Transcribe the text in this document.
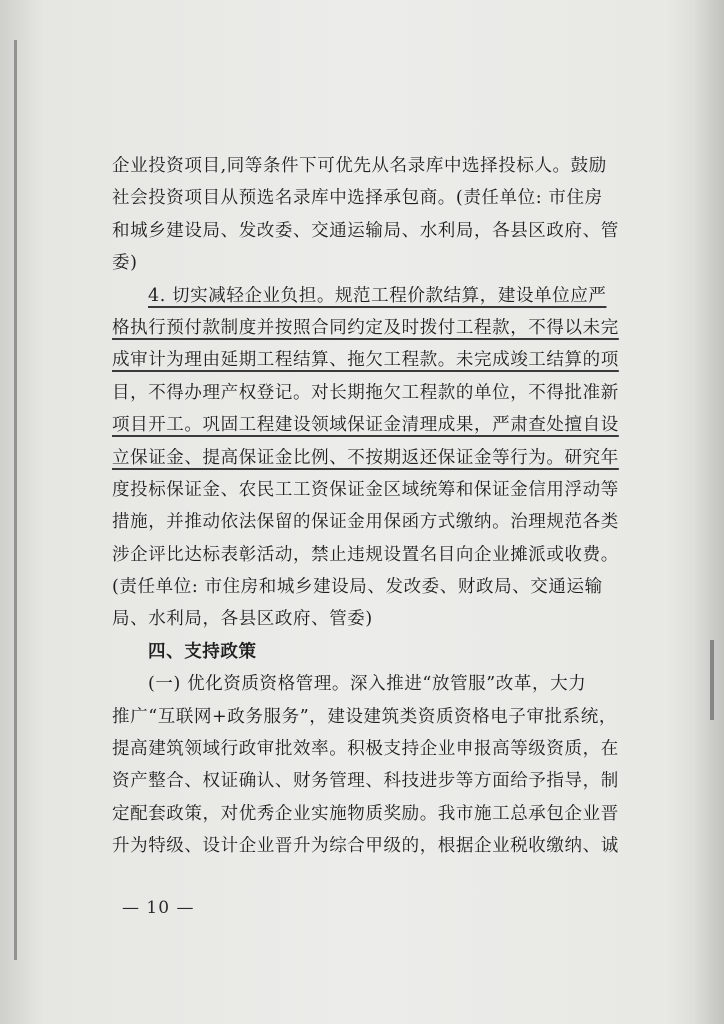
企业投资项目,同等条件下可优先从名录库中选择投标人。鼓励
社会投资项目从预选名录库中选择承包商。(责任单位: 市住房
和城乡建设局、发改委、交通运输局、水利局，各县区政府、管
委)
4. 切实减轻企业负担。规范工程价款结算，建设单位应严
格执行预付款制度并按照合同约定及时拨付工程款，不得以未完
成审计为理由延期工程结算、拖欠工程款。未完成竣工结算的项
目，不得办理产权登记。对长期拖欠工程款的单位，不得批准新
项目开工。巩固工程建设领域保证金清理成果，严肃查处擅自设
立保证金、提高保证金比例、不按期返还保证金等行为。研究年
度投标保证金、农民工工资保证金区域统筹和保证金信用浮动等
措施，并推动依法保留的保证金用保函方式缴纳。治理规范各类
涉企评比达标表彰活动，禁止违规设置名目向企业摊派或收费。
(责任单位: 市住房和城乡建设局、发改委、财政局、交通运输
局、水利局，各县区政府、管委)
四、支持政策
(一) 优化资质资格管理。深入推进“放管服”改革，大力
推广“互联网+政务服务”，建设建筑类资质资格电子审批系统，
提高建筑领域行政审批效率。积极支持企业申报高等级资质，在
资产整合、权证确认、财务管理、科技进步等方面给予指导，制
定配套政策，对优秀企业实施物质奖励。我市施工总承包企业晋
升为特级、设计企业晋升为综合甲级的，根据企业税收缴纳、诚
— 10 —
